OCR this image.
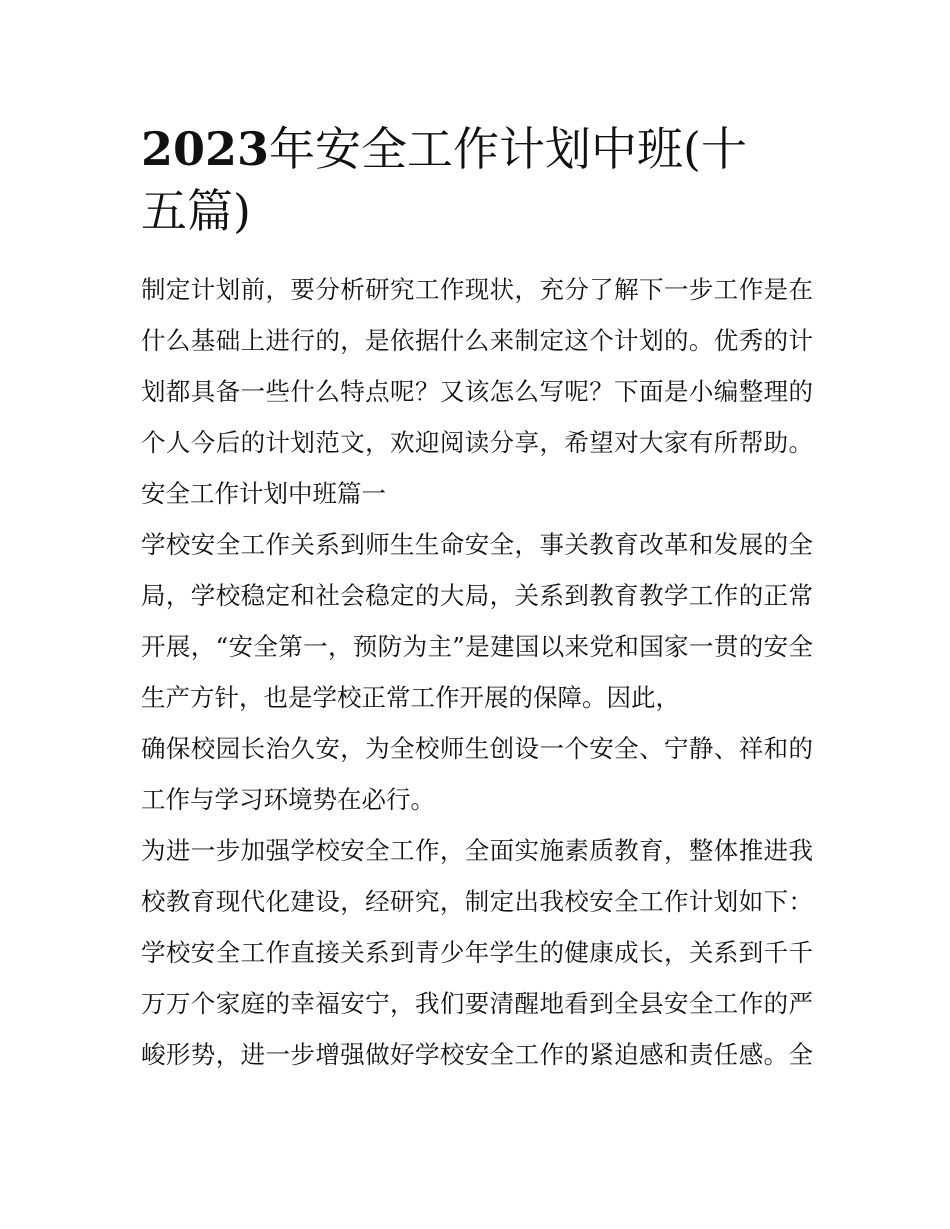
2023年安全工作计划中班(十
五篇)
制定计划前，要分析研究工作现状，充分了解下一步工作是在
什么基础上进行的，是依据什么来制定这个计划的。优秀的计
划都具备一些什么特点呢？又该怎么写呢？下面是小编整理的
个人今后的计划范文，欢迎阅读分享，希望对大家有所帮助。
安全工作计划中班篇一
学校安全工作关系到师生生命安全，事关教育改革和发展的全
局，学校稳定和社会稳定的大局，关系到教育教学工作的正常
开展，“安全第一，预防为主”是建国以来党和国家一贯的安全
生产方针，也是学校正常工作开展的保障。因此，
确保校园长治久安，为全校师生创设一个安全、宁静、祥和的
工作与学习环境势在必行。
为进一步加强学校安全工作，全面实施素质教育，整体推进我
校教育现代化建设，经研究，制定出我校安全工作计划如下：
学校安全工作直接关系到青少年学生的健康成长，关系到千千
万万个家庭的幸福安宁，我们要清醒地看到全县安全工作的严
峻形势，进一步增强做好学校安全工作的紧迫感和责任感。全
